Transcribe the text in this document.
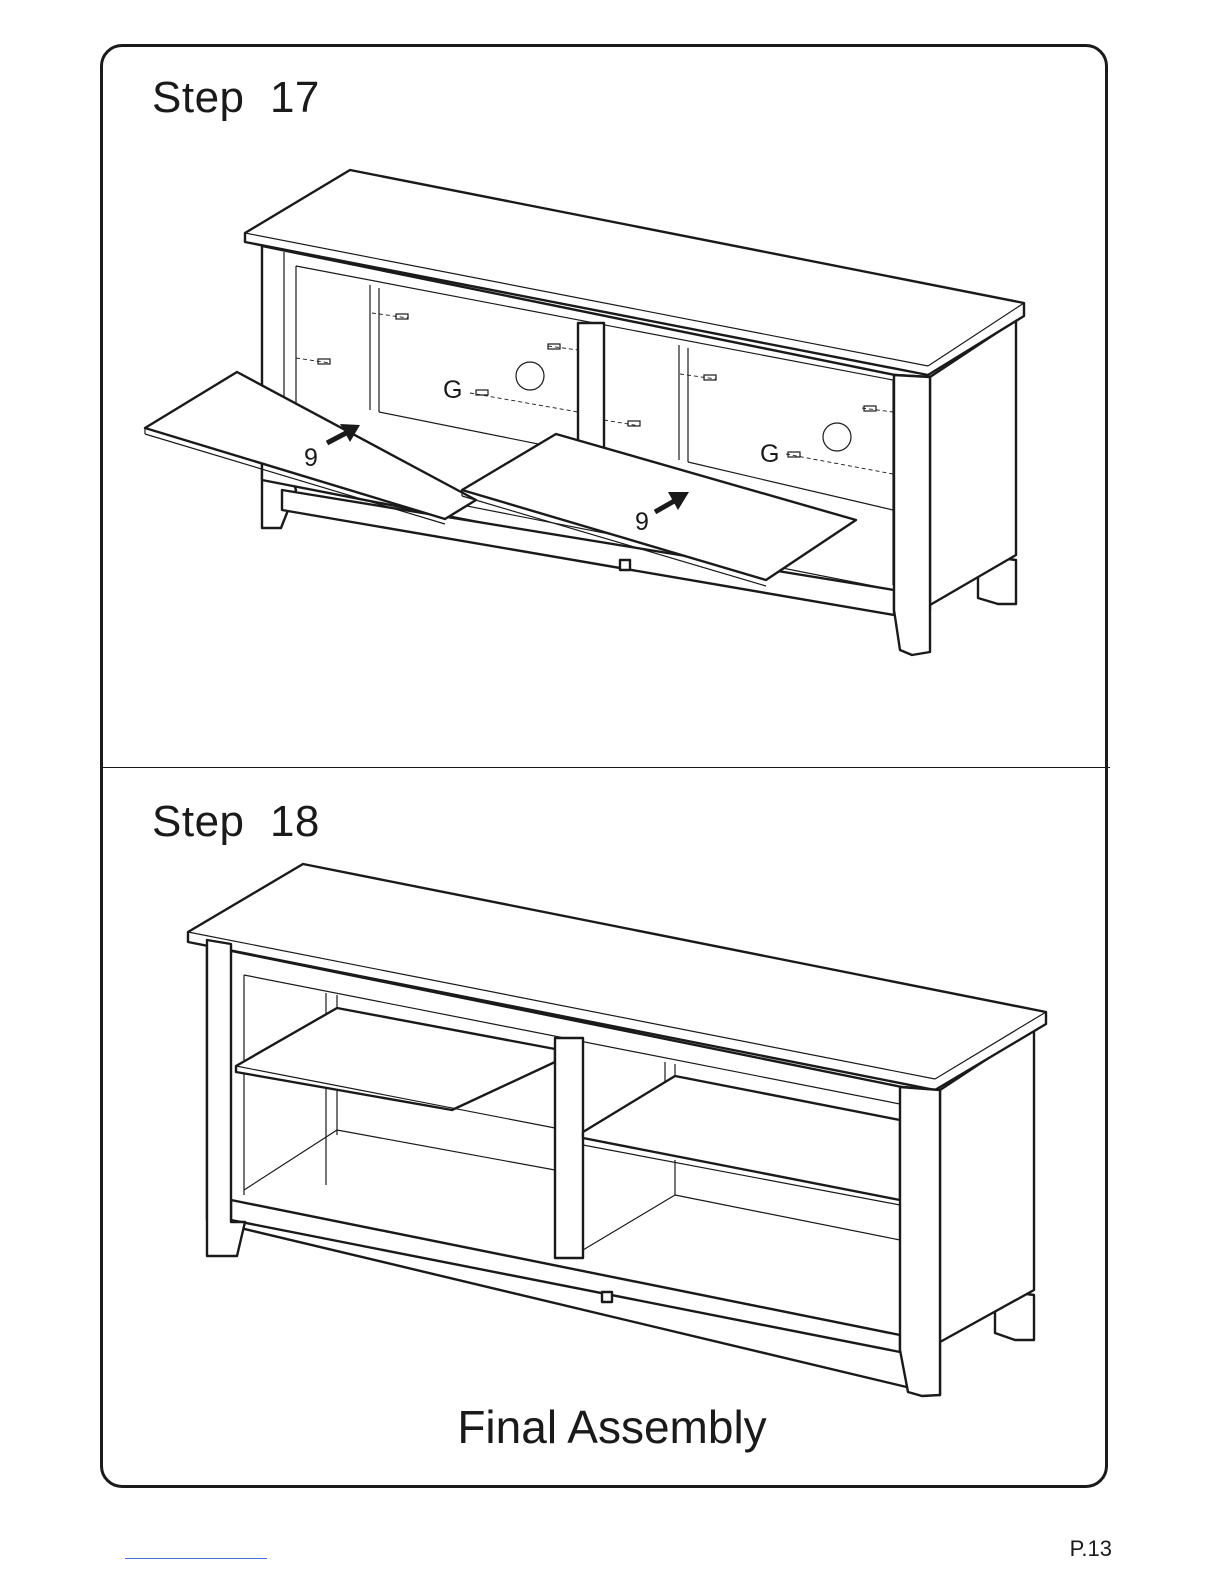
Step  17
Step  18
9
9
G
G
Final Assembly
P.13
